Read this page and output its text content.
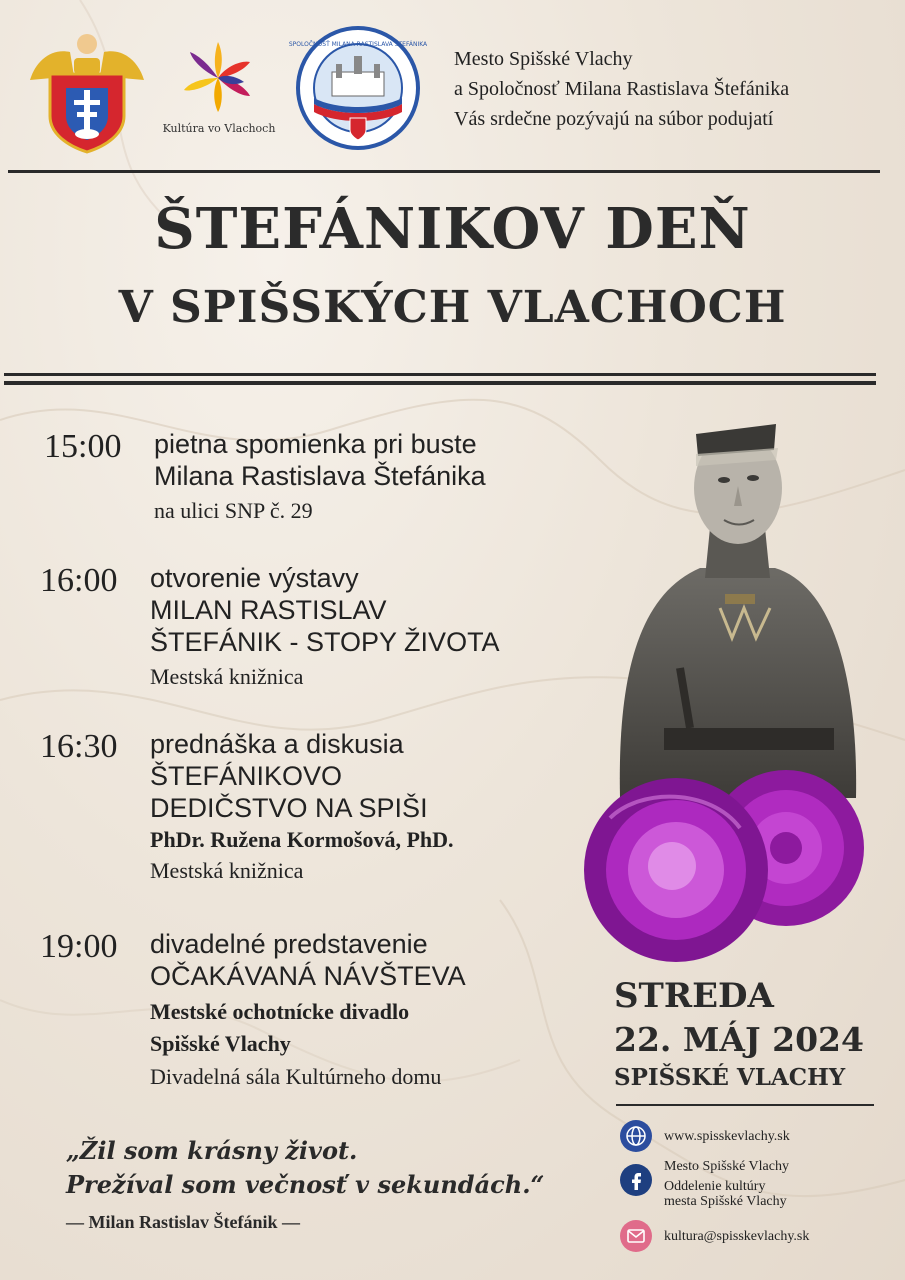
Kultúra vo Vlachoch
SPOLOČNOSŤ MILANA RASTISLAVA ŠTEFÁNIKA
Mesto Spišské Vlachy
a Spoločnosť Milana Rastislava Štefánika
Vás srdečne pozývajú na súbor podujatí
ŠTEFÁNIKOV DEŇ
V SPIŠSKÝCH VLACHOCH
15:00 pietna spomienka pri buste
Milana Rastislava Štefánika
na ulici SNP č. 29
16:00 otvorenie výstavy
MILAN RASTISLAV
ŠTEFÁNIK - STOPY ŽIVOTA
Mestská knižnica
16:30 prednáška a diskusia
ŠTEFÁNIKOVO
DEDIČSTVO NA SPIŠI
PhDr. Ružena Kormošová, PhD.
Mestská knižnica
19:00 divadelné predstavenie
OČAKÁVANÁ NÁVŠTEVA
Mestské ochotnícke divadlo
Spišské Vlachy
Divadelná sála Kultúrneho domu
STREDA
22. MÁJ 2024
SPIŠSKÉ VLACHY
www.spisskevlachy.sk
Mesto Spišské Vlachy
Oddelenie kultúry
mesta Spišské Vlachy
kultura@spisskevlachy.sk
„Žil som krásny život.
Prežíval som večnosť v sekundách.“
— Milan Rastislav Štefánik —
